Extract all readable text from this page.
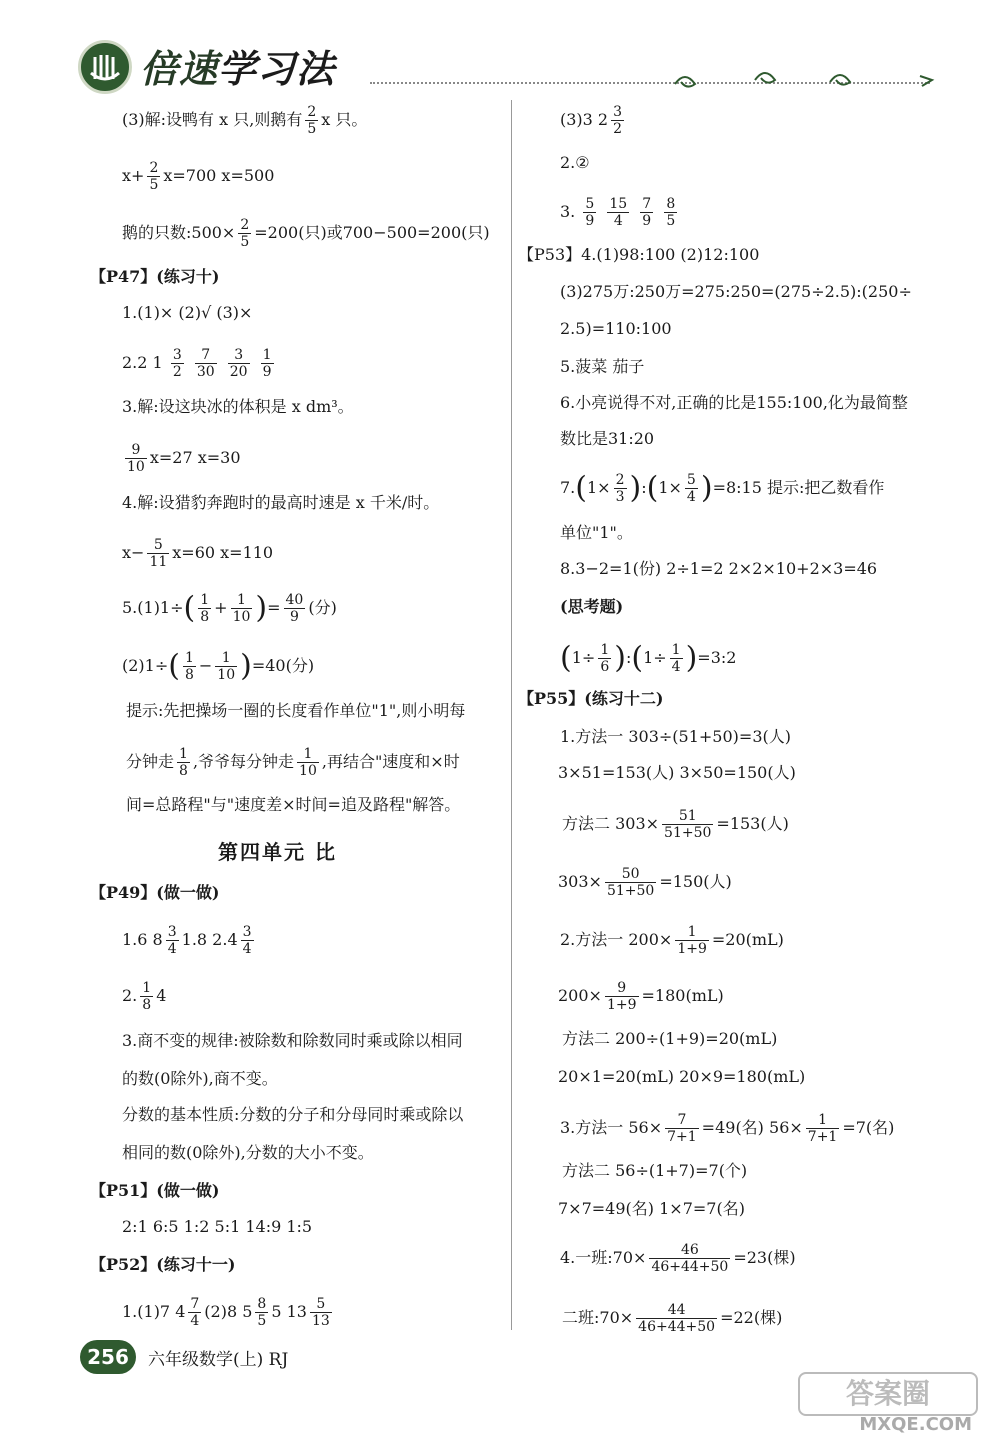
倍速学习法
(3)解:设鸭有 x 只,则鹅有 $\frac{2}{5}$ x 只。
$x+ \frac{2}{5} x=700$ x=500
鹅的只数:500× $\frac{2}{5} =200$(只)或700−500=200(只)
【P47】(练习十)
1.(1)× (2)√ (3)×
2.2 $1 \frac{3}{2}$
$\frac{7}{30}$
$\frac{3}{20}$
$\frac{1}{9}$
3.解:设这块冰的体积是 x dm³。
$\frac{9}{10} x=27$ x=30
4.解:设猎豹奔跑时的最高时速是 x 千米/时。
$x- \frac{5}{11} x=60$ x=110
$5.(1)1\div( \frac{1}{8} + \frac{1}{10}$ )= $\frac{40}{9}$ (分)
$(2)1\div( \frac{1}{8} - \frac{1}{10} )=40$(分)
提示:先把操场一圈的长度看作单位"1",则小明每
分钟走 $\frac{1}{8}$ ,爷爷每分钟走 $\frac{1}{10}$ ,再结合"速度和×时
间=总路程"与"速度差×时间=追及路程"解答。
【P49】(做一做)
1.6 $8 \frac{3}{4} 1.8$ $2.4 \frac{3}{4}$
2. $\frac{1}{8} 4$
3.商不变的规律:被除数和除数同时乘或除以相同
的数(0除外),商不变。
分数的基本性质:分数的分子和分母同时乘或除以
相同的数(0除外),分数的大小不变。
【P51】(做一做)
2:1 6:5 1:2 5:1 14:9 1:5
【P52】(练习十一)
1.(1)7 $4 \frac{7}{4} (2)8$ $5 \frac{8}{5} 5$ $13 \frac{5}{13}$
第四单元 比
(3)3 $2 \frac{3}{2}$
2.②
3. $\frac{5}{9}$
$\frac{15}{4}$
$\frac{7}{9}$
$\frac{8}{5}$
【P53】4.(1)98:100 (2)12:100
(3)275万:250万=275:250=(275÷2.5):(250÷
2.5)=110:100
5.菠菜 茄子
6.小亮说得不对,正确的比是155:100,化为最简整
数比是31:20
$7.(1\times \frac{2}{3}$ ):(1× $\frac{5}{4}$ )=8:15 提示:把乙数看作
单位"1"。
8.3−2=1(份) 2÷1=2 2×2×10+2×3=46
(思考题)
($1\div \frac{1}{6}$ ):(1÷ $\frac{1}{4}$ )=3:2
【P55】(练习十二)
1.方法一 303÷(51+50)=3(人)
3×51=153(人) 3×50=150(人)
方法二 $303\times \frac{51}{51+50} =153$(人)
$303\times \frac{50}{51+50} =150$(人)
2.方法一 $200\times \frac{1}{1+9} =20(mL)$
$200\times \frac{9}{1+9} =180(mL)$
方法二 200÷(1+9)=20(mL)
20×1=20(mL) 20×9=180(mL)
3.方法一 $56\times \frac{7}{7+1} =49$(名) $56\times \frac{1}{7+1} =7$(名)
方法二 56÷(1+7)=7(个)
7×7=49(名) 1×7=7(名)
4.一班:70× $\frac{46}{46+44+50} =23$(棵)
二班:70× $\frac{44}{46+44+50} =22$(棵)
256	六年级数学(上) RJ
答案圈
MXQE.COM
